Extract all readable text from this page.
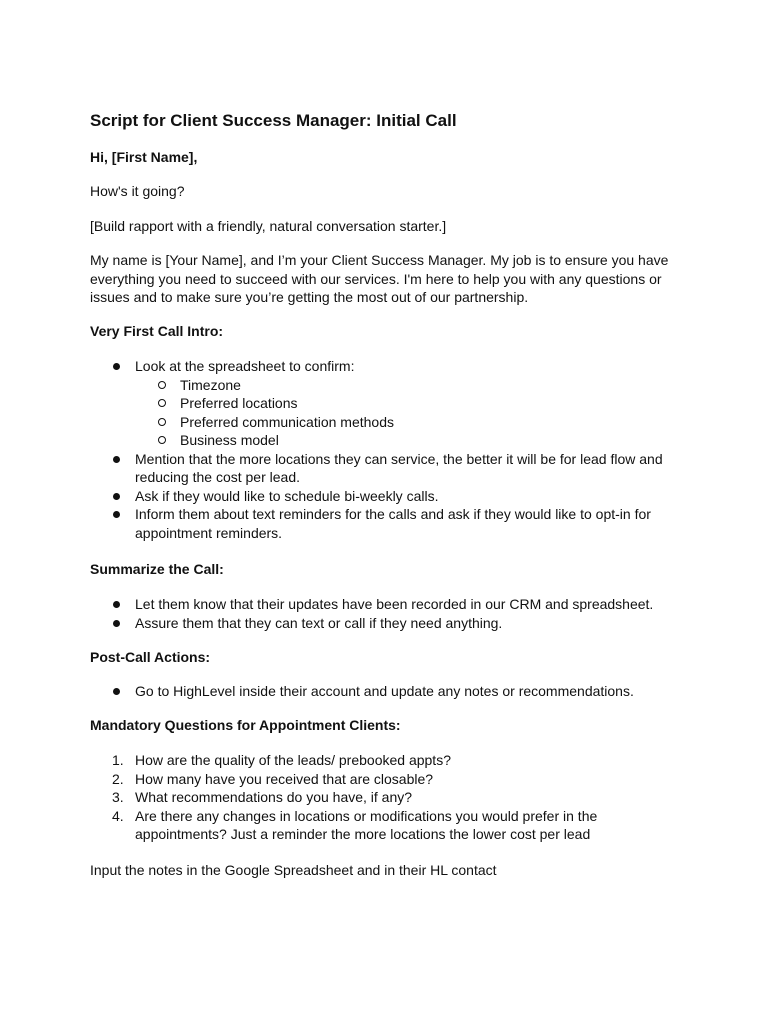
Script for Client Success Manager: Initial Call

Hi, [First Name],

How's it going?

[Build rapport with a friendly, natural conversation starter.]

My name is [Your Name], and I’m your Client Success Manager. My job is to ensure you have everything you need to succeed with our services. I'm here to help you with any questions or issues and to make sure you’re getting the most out of our partnership.

Very First Call Intro:

Look at the spreadsheet to confirm:
Timezone
Preferred locations
Preferred communication methods
Business model
Mention that the more locations they can service, the better it will be for lead flow and reducing the cost per lead.
Ask if they would like to schedule bi-weekly calls.
Inform them about text reminders for the calls and ask if they would like to opt-in for appointment reminders.

Summarize the Call:

Let them know that their updates have been recorded in our CRM and spreadsheet.
Assure them that they can text or call if they need anything.

Post-Call Actions:

Go to HighLevel inside their account and update any notes or recommendations.

Mandatory Questions for Appointment Clients:

1. How are the quality of the leads/ prebooked appts?
2. How many have you received that are closable?
3. What recommendations do you have, if any?
4. Are there any changes in locations or modifications you would prefer in the appointments? Just a reminder the more locations the lower cost per lead

Input the notes in the Google Spreadsheet and in their HL contact
